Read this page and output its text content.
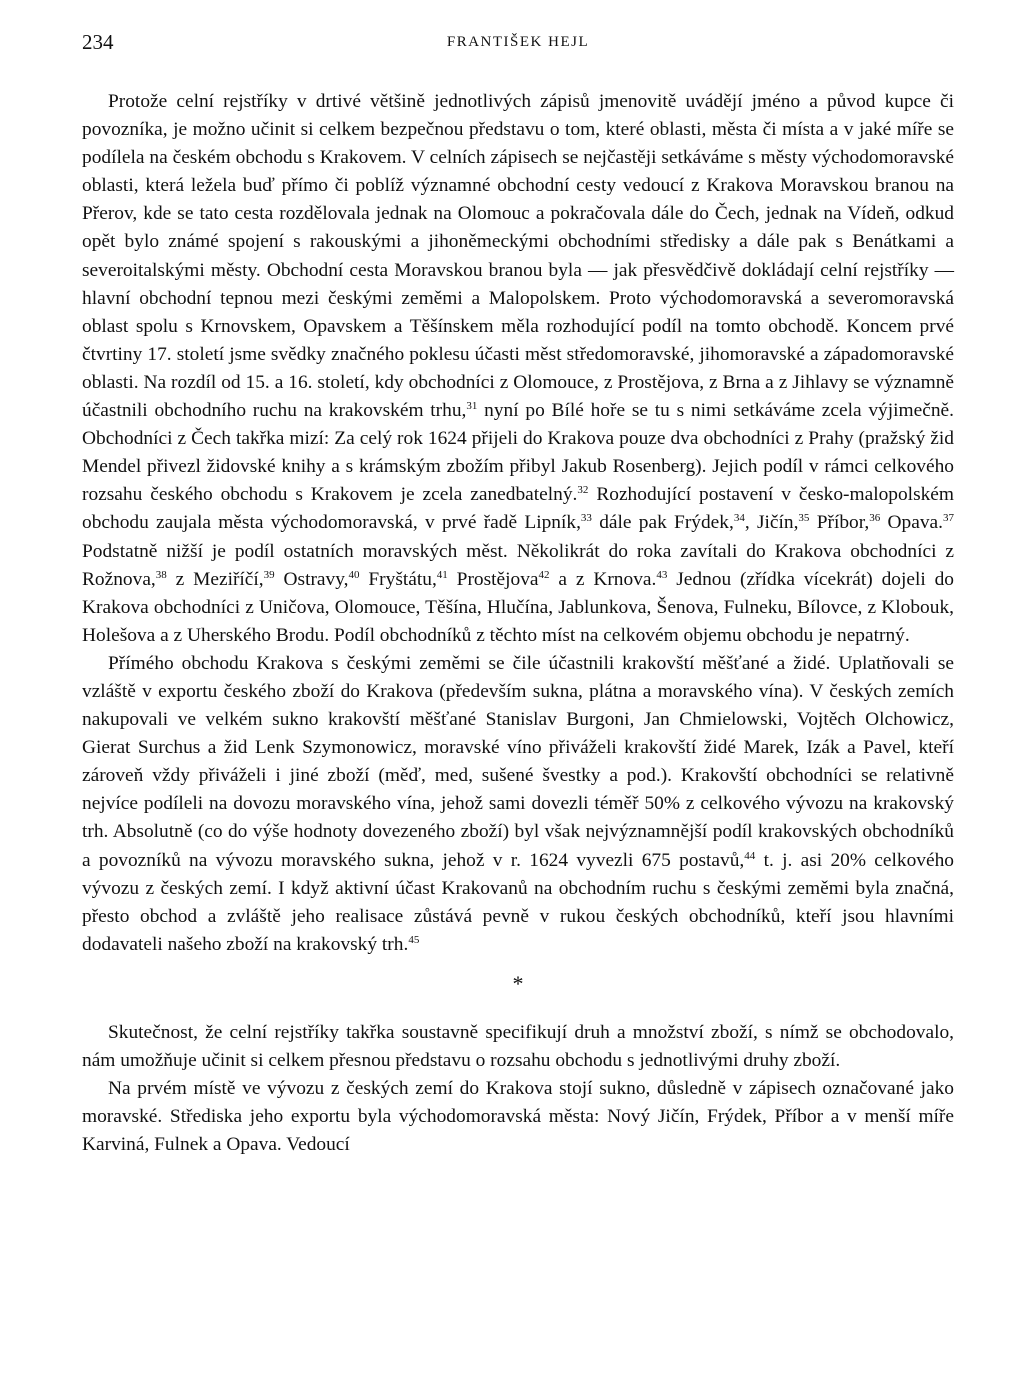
234	FRANTIŠEK HEJL

Protože celní rejstříky v drtivé většině jednotlivých zápisů jmenovitě uvádějí jméno a původ kupce či povozníka, je možno učinit si celkem bezpečnou představu o tom, které oblasti, města či místa a v jaké míře se podílela na českém obchodu s Krakovem. V celních zápisech se nejčastěji setkáváme s městy východomoravské oblasti, která ležela buď přímo či poblíž významné obchodní cesty vedoucí z Krakova Moravskou branou na Přerov, kde se tato cesta rozdělovala jednak na Olomouc a pokračovala dále do Čech, jednak na Vídeň, odkud opět bylo známé spojení s rakouskými a jihoněmeckými obchodními středisky a dále pak s Benátkami a severoitalskými městy. Obchodní cesta Moravskou branou byla — jak přesvědčivě dokládají celní rejstříky — hlavní obchodní tepnou mezi českými zeměmi a Malopolskem. Proto východomoravská a severomoravská oblast spolu s Krnovskem, Opavskem a Těšínskem měla rozhodující podíl na tomto obchodě. Koncem prvé čtvrtiny 17. století jsme svědky značného poklesu účasti měst středomoravské, jihomoravské a západomoravské oblasti. Na rozdíl od 15. a 16. století, kdy obchodníci z Olomouce, z Prostějova, z Brna a z Jihlavy se významně účastnili obchodního ruchu na krakovském trhu,$^{31}$ nyní po Bílé hoře se tu s nimi setkáváme zcela výjimečně. Obchodníci z Čech takřka mizí: Za celý rok 1624 přijeli do Krakova pouze dva obchodníci z Prahy (pražský žid Mendel přivezl židovské knihy a s krámským zbožím přibyl Jakub Rosenberg). Jejich podíl v rámci celkového rozsahu českého obchodu s Krakovem je zcela zanedbatelný.$^{32}$ Rozhodující postavení v česko-malopolském obchodu zaujala města východomoravská, v prvé řadě Lipník,$^{33}$ dále pak Frýdek,$^{34}$, Jičín,$^{35}$ Příbor,$^{36}$ Opava.$^{37}$ Podstatně nižší je podíl ostatních moravských měst. Několikrát do roka zavítali do Krakova obchodníci z Rožnova,$^{38}$ z Meziříčí,$^{39}$ Ostravy,$^{40}$ Fryštátu,$^{41}$ Prostějova$^{42}$ a z Krnova.$^{43}$ Jednou (zřídka vícekrát) dojeli do Krakova obchodníci z Uničova, Olomouce, Těšína, Hlučína, Jablunkova, Šenova, Fulneku, Bílovce, z Klobouk, Holešova a z Uherského Brodu. Podíl obchodníků z těchto míst na celkovém objemu obchodu je nepatrný.

Přímého obchodu Krakova s českými zeměmi se čile účastnili krakovští měšťané a židé. Uplatňovali se vzláště v exportu českého zboží do Krakova (především sukna, plátna a moravského vína). V českých zemích nakupovali ve velkém sukno krakovští měšťané Stanislav Burgoni, Jan Chmielowski, Vojtěch Olchowicz, Gierat Surchus a žid Lenk Szymonowicz, moravské víno přiváželi krakovští židé Marek, Izák a Pavel, kteří zároveň vždy přiváželi i jiné zboží (měď, med, sušené švestky a pod.). Krakovští obchodníci se relativně nejvíce podíleli na dovozu moravského vína, jehož sami dovezli téměř 50% z celkového vývozu na krakovský trh. Absolutně (co do výše hodnoty dovezeného zboží) byl však nejvýznamnější podíl krakovských obchodníků a povozníků na vývozu moravského sukna, jehož v r. 1624 vyvezli 675 postavů,$^{44}$ t. j. asi 20% celkového vývozu z českých zemí. I když aktivní účast Krakovanů na obchodním ruchu s českými zeměmi byla značná, přesto obchod a zvláště jeho realisace zůstává pevně v rukou českých obchodníků, kteří jsou hlavními dodavateli našeho zboží na krakovský trh.$^{45}$

*

Skutečnost, že celní rejstříky takřka soustavně specifikují druh a množství zboží, s nímž se obchodovalo, nám umožňuje učinit si celkem přesnou představu o rozsahu obchodu s jednotlivými druhy zboží.

Na prvém místě ve vývozu z českých zemí do Krakova stojí sukno, důsledně v zápisech označované jako moravské. Střediska jeho exportu byla východomoravská města: Nový Jičín, Frýdek, Příbor a v menší míře Karviná, Fulnek a Opava. Vedoucí
